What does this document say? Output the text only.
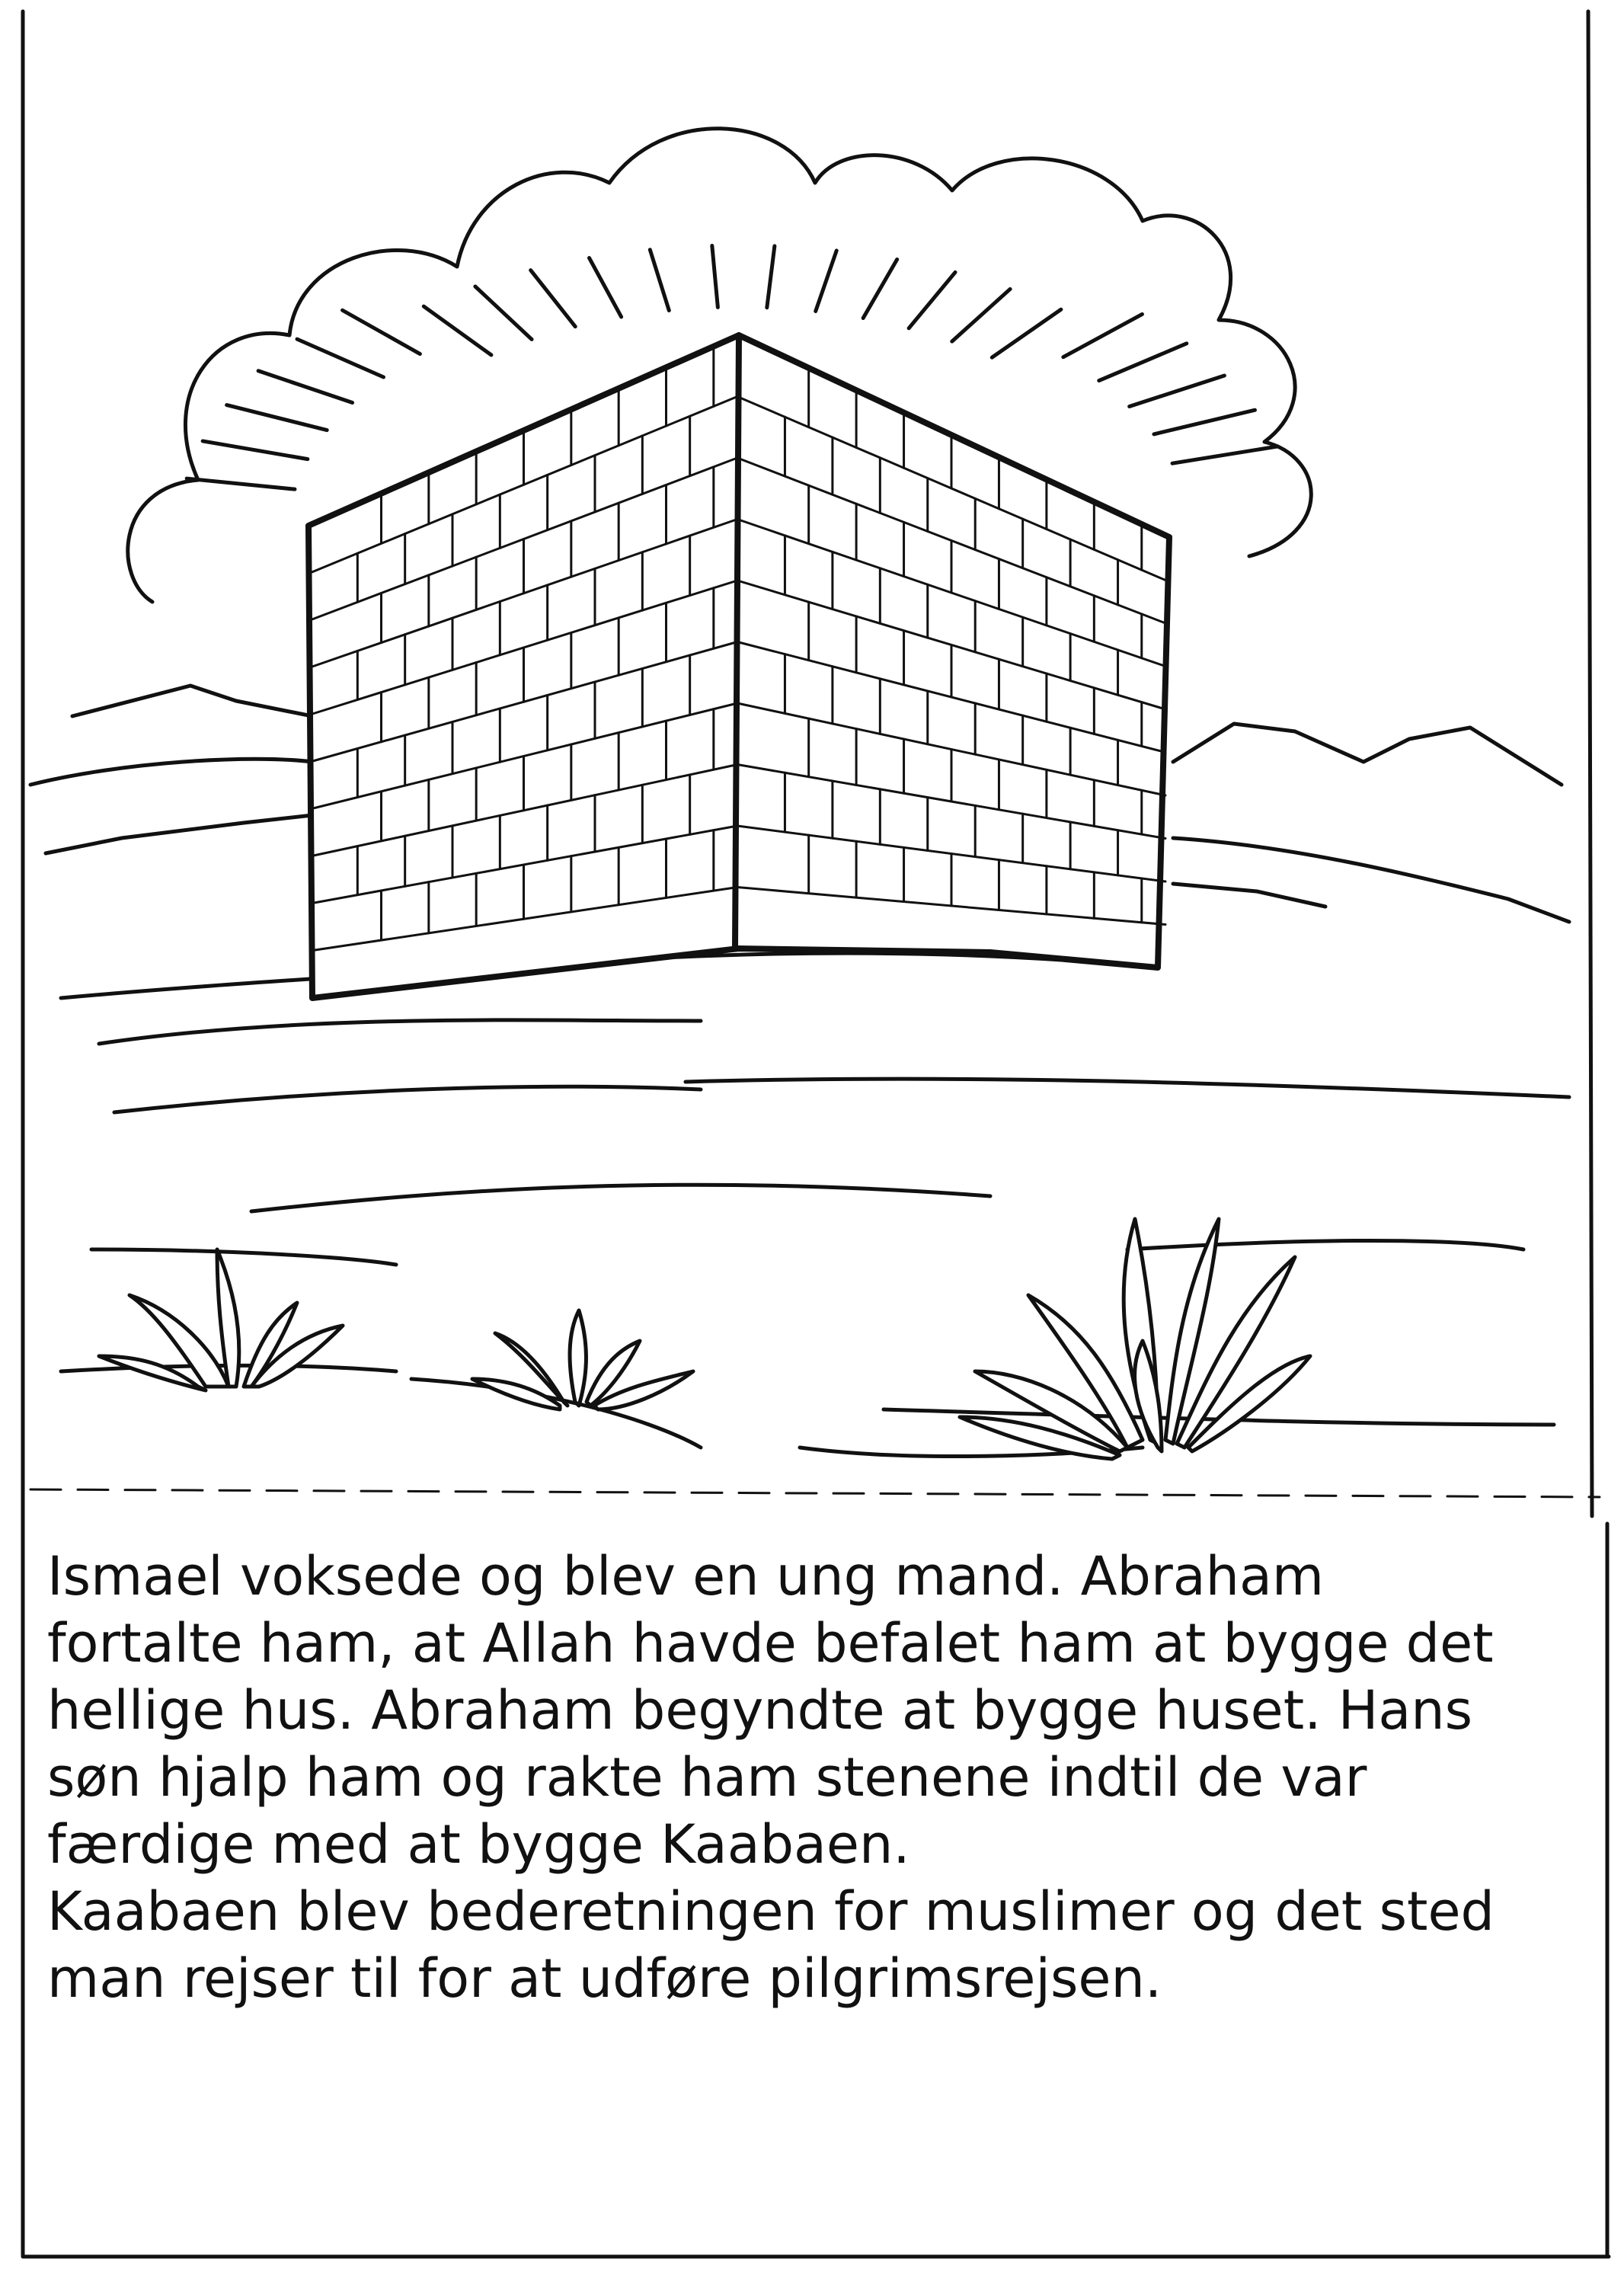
Ismael voksede og blev en ung mand. Abraham
fortalte ham, at Allah havde befalet ham at bygge det
hellige hus. Abraham begyndte at bygge huset. Hans
søn hjalp ham og rakte ham stenene indtil de var
færdige med at bygge Kaabaen.
Kaabaen blev bederetningen for muslimer og det sted
man rejser til for at udføre pilgrimsrejsen.
